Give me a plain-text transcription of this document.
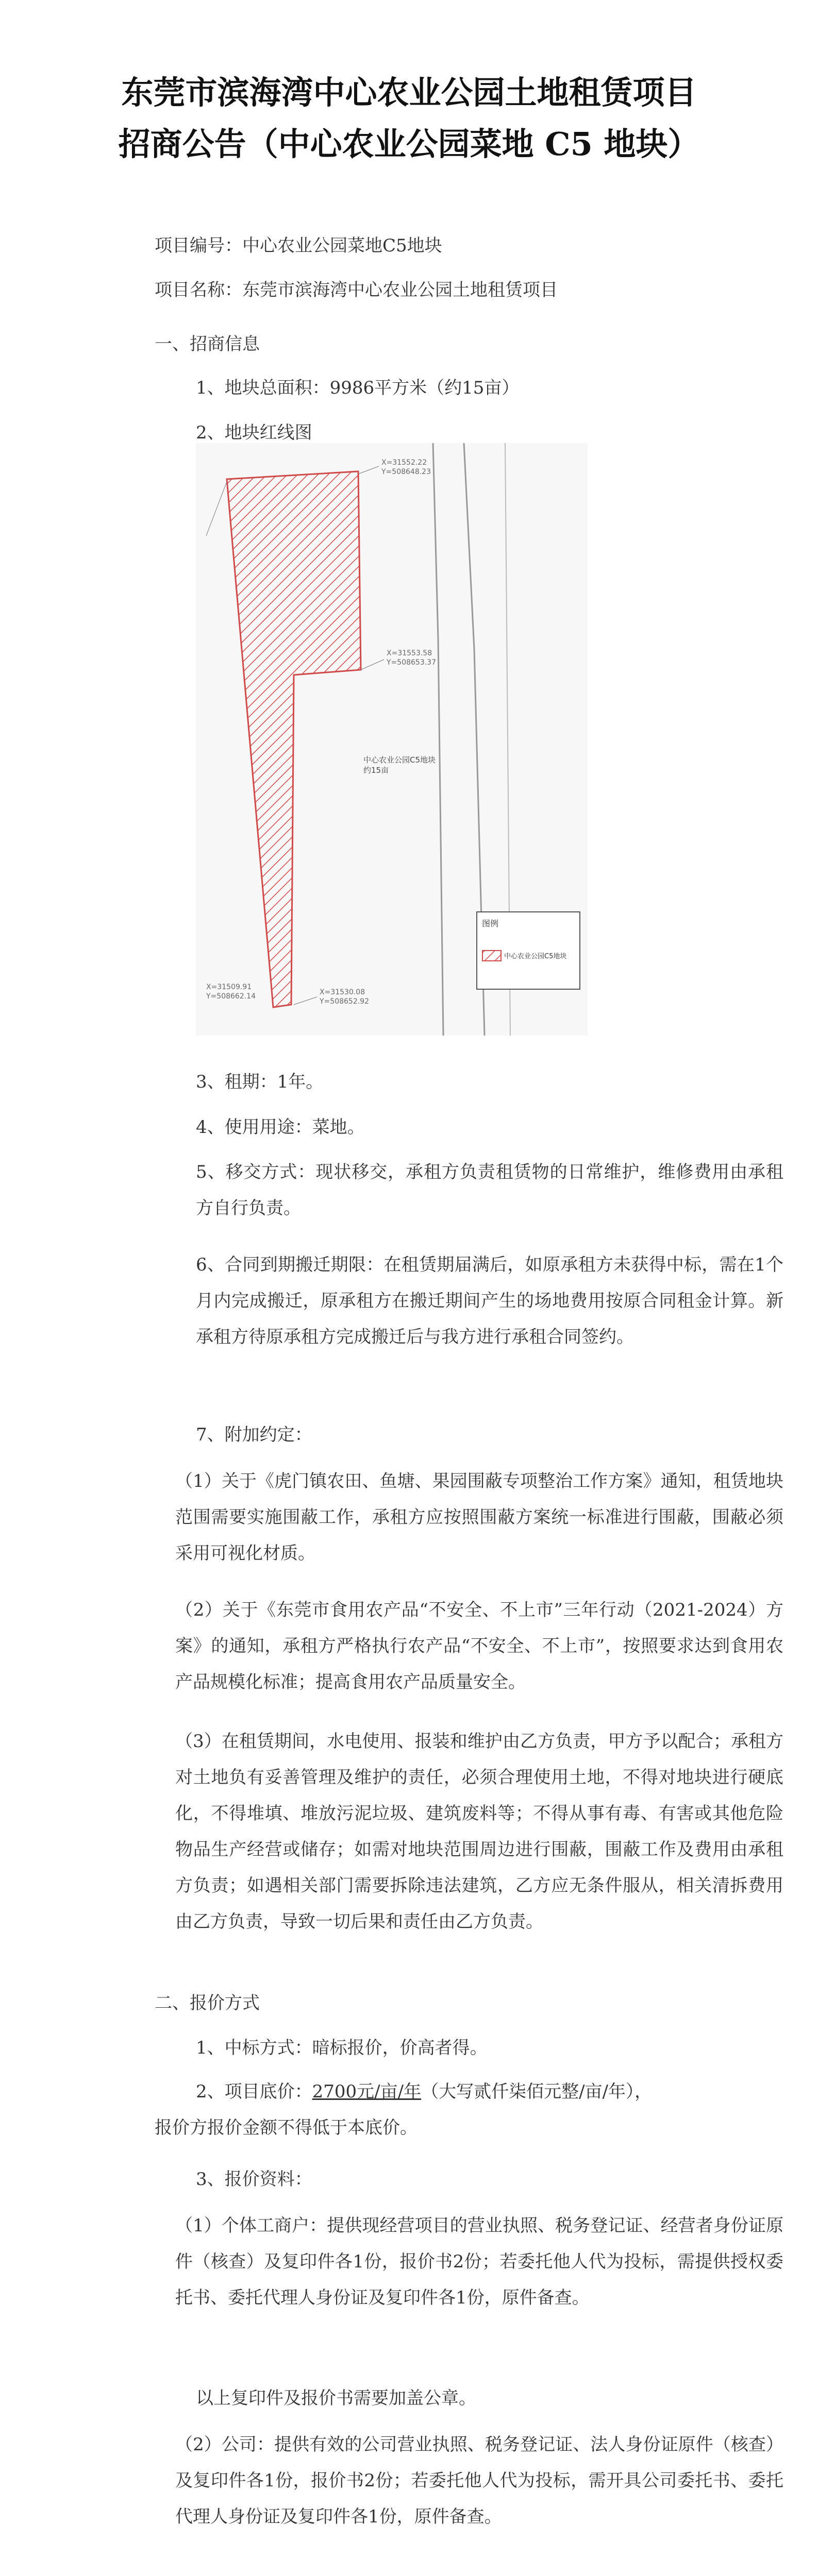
东莞市滨海湾中心农业公园土地租赁项目
招商公告（中心农业公园菜地 C5 地块）
项目编号：中心农业公园菜地C5地块
项目名称：东莞市滨海湾中心农业公园土地租赁项目
一、招商信息
1、地块总面积：9986平方米（约15亩）
2、地块红线图
X=31552.22
Y=508648.23
X=31553.58
Y=508653.37
X=31509.91
Y=508662.14	X=31530.08
Y=508652.92
中心农业公园C5地块
约15亩
图例
中心农业公园C5地块
3、租期：1年。
4、使用用途：菜地。
5、移交方式：现状移交，承租方负责租赁物的日常维护，维修费用由承租方自行负责。
6、合同到期搬迁期限：在租赁期届满后，如原承租方未获得中标，需在1个月内完成搬迁，原承租方在搬迁期间产生的场地费用按原合同租金计算。新承租方待原承租方完成搬迁后与我方进行承租合同签约。
7、附加约定：
（1）关于《虎门镇农田、鱼塘、果园围蔽专项整治工作方案》通知，租赁地块范围需要实施围蔽工作，承租方应按照围蔽方案统一标准进行围蔽，围蔽必须采用可视化材质。
（2）关于《东莞市食用农产品“不安全、不上市”三年行动（2021-2024）方案》的通知，承租方严格执行农产品“不安全、不上市”，按照要求达到食用农产品规模化标准；提高食用农产品质量安全。
（3）在租赁期间，水电使用、报装和维护由乙方负责，甲方予以配合；承租方对土地负有妥善管理及维护的责任，必须合理使用土地，不得对地块进行硬底化，不得堆填、堆放污泥垃圾、建筑废料等；不得从事有毒、有害或其他危险物品生产经营或储存；如需对地块范围周边进行围蔽，围蔽工作及费用由承租方负责；如遇相关部门需要拆除违法建筑，乙方应无条件服从，相关清拆费用由乙方负责，导致一切后果和责任由乙方负责。
二、报价方式
1、中标方式：暗标报价，价高者得。
2、项目底价：2700元/亩/年（大写贰仟柒佰元整/亩/年），
报价方报价金额不得低于本底价。
3、报价资料：
（1）个体工商户：提供现经营项目的营业执照、税务登记证、经营者身份证原件（核查）及复印件各1份，报价书2份；若委托他人代为投标，需提供授权委托书、委托代理人身份证及复印件各1份，原件备查。
以上复印件及报价书需要加盖公章。
（2）公司：提供有效的公司营业执照、税务登记证、法人身份证原件（核查）及复印件各1份，报价书2份；若委托他人代为投标，需开具公司委托书、委托代理人身份证及复印件各1份，原件备查。
